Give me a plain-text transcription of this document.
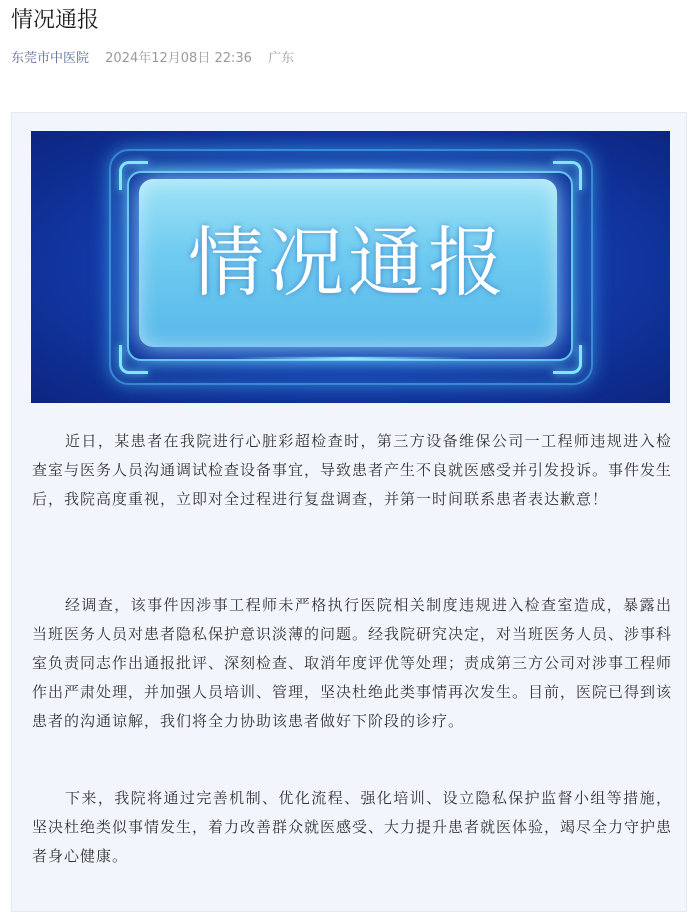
情况通报
东莞市中医院 2024年12月08日 22:36 广东
情况通报

近日，某患者在我院进行心脏彩超检查时，第三方设备维保公司一工程师违规进入检查室与医务人员沟通调试检查设备事宜，导致患者产生不良就医感受并引发投诉。事件发生后，我院高度重视，立即对全过程进行复盘调查，并第一时间联系患者表达歉意！

经调查，该事件因涉事工程师未严格执行医院相关制度违规进入检查室造成，暴露出当班医务人员对患者隐私保护意识淡薄的问题。经我院研究决定，对当班医务人员、涉事科室负责同志作出通报批评、深刻检查、取消年度评优等处理；责成第三方公司对涉事工程师作出严肃处理，并加强人员培训、管理，坚决杜绝此类事情再次发生。目前，医院已得到该患者的沟通谅解，我们将全力协助该患者做好下阶段的诊疗。

下来，我院将通过完善机制、优化流程、强化培训、设立隐私保护监督小组等措施，坚决杜绝类似事情发生，着力改善群众就医感受、大力提升患者就医体验，竭尽全力守护患者身心健康。
